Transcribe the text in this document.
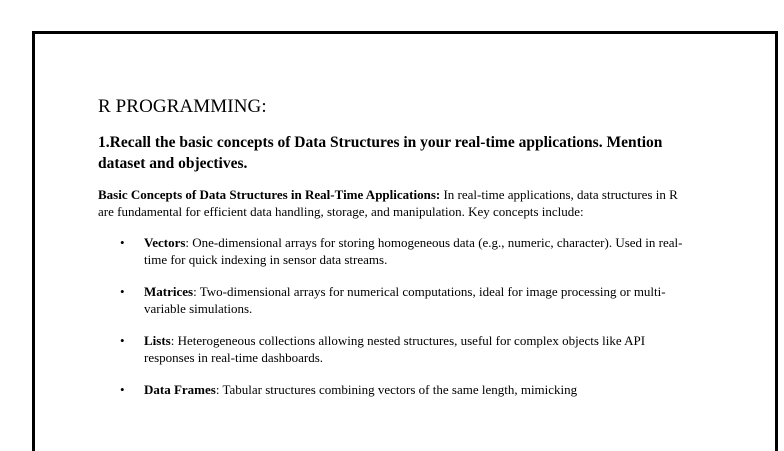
R PROGRAMMING:

1.Recall the basic concepts of Data Structures in your real-time applications. Mention dataset and objectives.

Basic Concepts of Data Structures in Real-Time Applications: In real-time applications, data structures in R are fundamental for efficient data handling, storage, and manipulation. Key concepts include:

• Vectors: One-dimensional arrays for storing homogeneous data (e.g., numeric, character). Used in real-time for quick indexing in sensor data streams.
• Matrices: Two-dimensional arrays for numerical computations, ideal for image processing or multi-variable simulations.
• Lists: Heterogeneous collections allowing nested structures, useful for complex objects like API responses in real-time dashboards.
• Data Frames: Tabular structures combining vectors of the same length, mimicking
